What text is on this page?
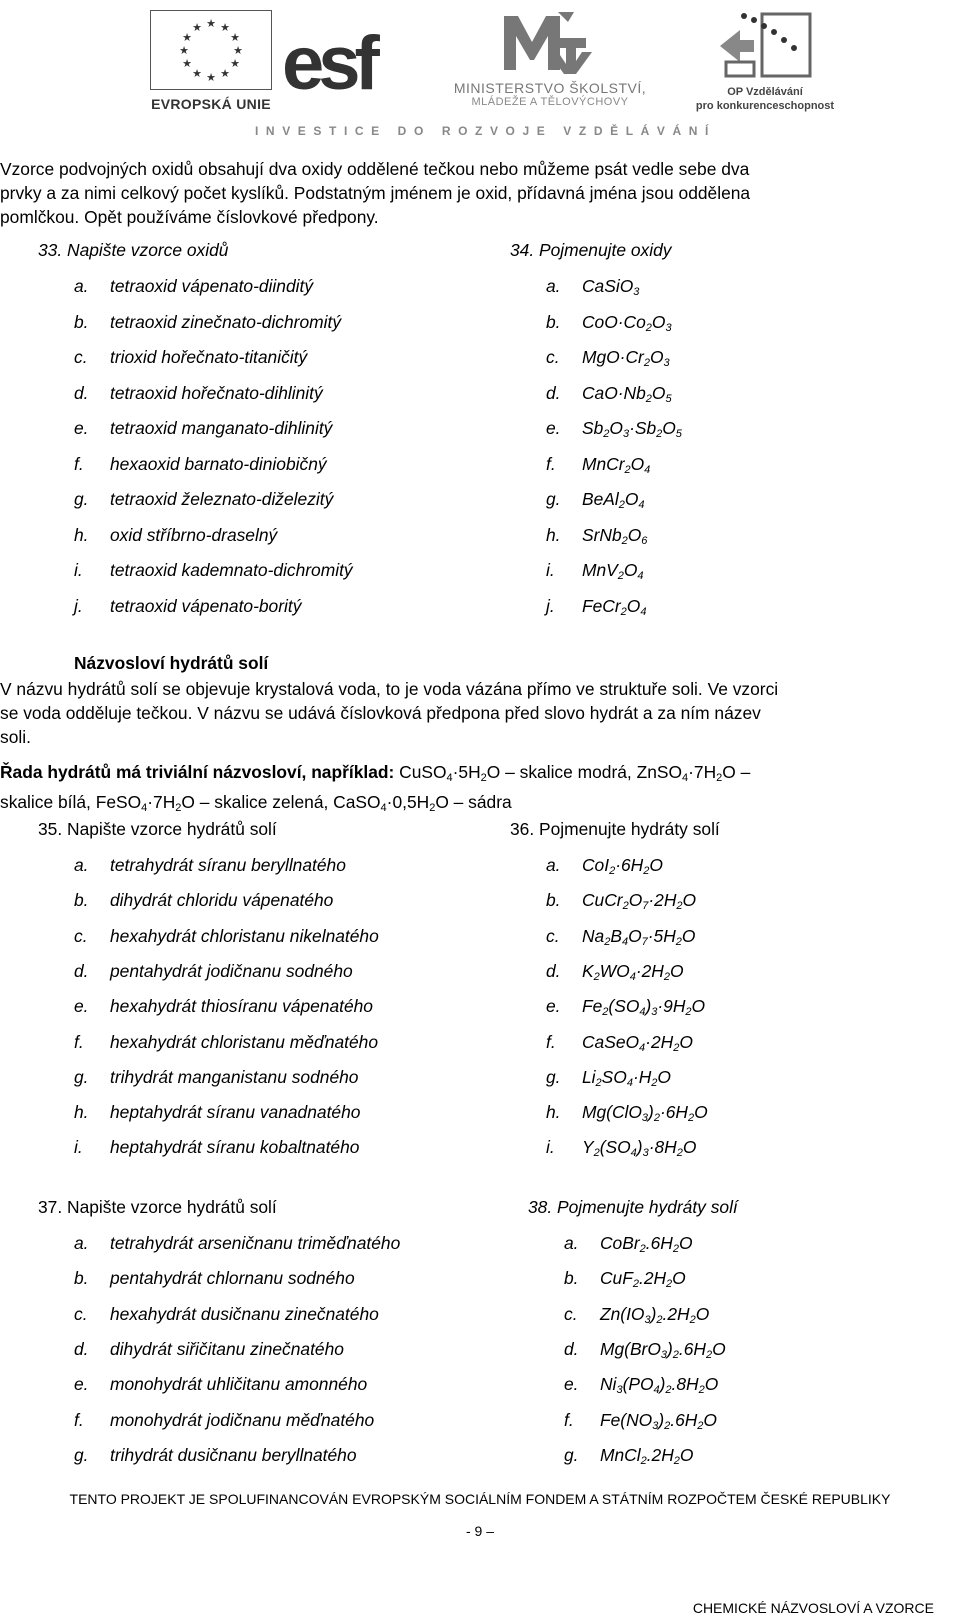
★ ★
★
★
★
★
★
★
★
★
★
★
EVROPSKÁ UNIE esf	MINISTERSTVO ŠKOLSTVÍ,
MLÁDEŽE A TĚLOVÝCHOVY
OP Vzdělávání
pro konkurenceschopnost
INVESTICE DO ROZVOJE VZDĚLÁVÁNÍ
Vzorce podvojných oxidů obsahují dva oxidy oddělené tečkou nebo můžeme psát vedle sebe dva
prvky a za nimi celkový počet kyslíků. Podstatným jménem je oxid, přídavná jména jsou oddělena
pomlčkou. Opět používáme číslovkové předpony.
33. Napište vzorce oxidů
a. tetraoxid vápenato-diinditý
b. tetraoxid zinečnato-dichromitý
c. trioxid hořečnato-titaničitý
d. tetraoxid hořečnato-dihlinitý
e. tetraoxid manganato-dihlinitý
f. hexaoxid barnato-diniobičný
g. tetraoxid železnato-diželezitý
h. oxid stříbrno-draselný
i. tetraoxid kademnato-dichromitý
j. tetraoxid vápenato-boritý
34. Pojmenujte oxidy
a. CaSiO$_3$
b. $CoO\cdot Co_2O_3$
c. $MgO\cdot Cr_2O_3$
d. $CaO\cdot Nb_2O_5$
e. $Sb_2O_3\cdot Sb_2O_5$
f. $MnCr_2O_4$
g. $BeAl_2O_4$
h. $SrNb_2O_6$
i. $MnV_2O_4$
j. $FeCr_2O_4$
Názvosloví hydrátů solí
V názvu hydrátů solí se objevuje krystalová voda, to je voda vázána přímo ve struktuře soli. Ve vzorci
se voda odděluje tečkou. V názvu se udává číslovková předpona před slovo hydrát a za ním název
soli.
Řada hydrátů má triviální názvosloví, například: $CuSO_4\cdot 5H_2O$ – skalice modrá, $ZnSO_4\cdot 7H_2O$ –
skalice bílá, $FeSO_4\cdot 7H_2O$ – skalice zelená, $CaSO_4\cdot 0,5H_2O$ – sádra
35. Napište vzorce hydrátů solí
a. tetrahydrát síranu beryllnatého
b. dihydrát chloridu vápenatého
c. hexahydrát chloristanu nikelnatého
d. pentahydrát jodičnanu sodného
e. hexahydrát thiosíranu vápenatého
f. hexahydrát chloristanu měďnatého
g. trihydrát manganistanu sodného
h. heptahydrát síranu vanadnatého
i. heptahydrát síranu kobaltnatého
36. Pojmenujte hydráty solí
a. $CoI_2\cdot 6H_2O$
b. $CuCr_2O_7\cdot 2H_2O$
c. $Na_2B_4O_7\cdot 5H_2O$
d. $K_2WO_4\cdot 2H_2O$
e. $Fe_2(SO_4)_3\cdot 9H_2O$
f. $CaSeO_4\cdot 2H_2O$
g. $Li_2SO_4\cdot H_2O$
h. $Mg(ClO_3)_2\cdot 6H_2O$
i. $Y_2(SO_4)_3\cdot 8H_2O$
37. Napište vzorce hydrátů solí
a. tetrahydrát arseničnanu triměďnatého
b. pentahydrát chlornanu sodného
c. hexahydrát dusičnanu zinečnatého
d. dihydrát siřičitanu zinečnatého
e. monohydrát uhličitanu amonného
f. monohydrát jodičnanu měďnatého
g. trihydrát dusičnanu beryllnatého
38. Pojmenujte hydráty solí
a. $CoBr_2.6H_2O$
b. $CuF_2.2H_2O$
c. $Zn(IO_3)_2.2H_2O$
d. $Mg(BrO_3)_2.6H_2O$
e. $Ni_3(PO_4)_2.8H_2O$
f. $Fe(NO_3)_2.6H_2O$
g. $MnCl_2.2H_2O$
TENTO PROJEKT JE SPOLUFINANCOVÁN EVROPSKÝM SOCIÁLNÍM FONDEM A STÁTNÍM ROZPOČTEM ČESKÉ REPUBLIKY
- 9 –
CHEMICKÉ NÁZVOSLOVÍ A VZORCE
